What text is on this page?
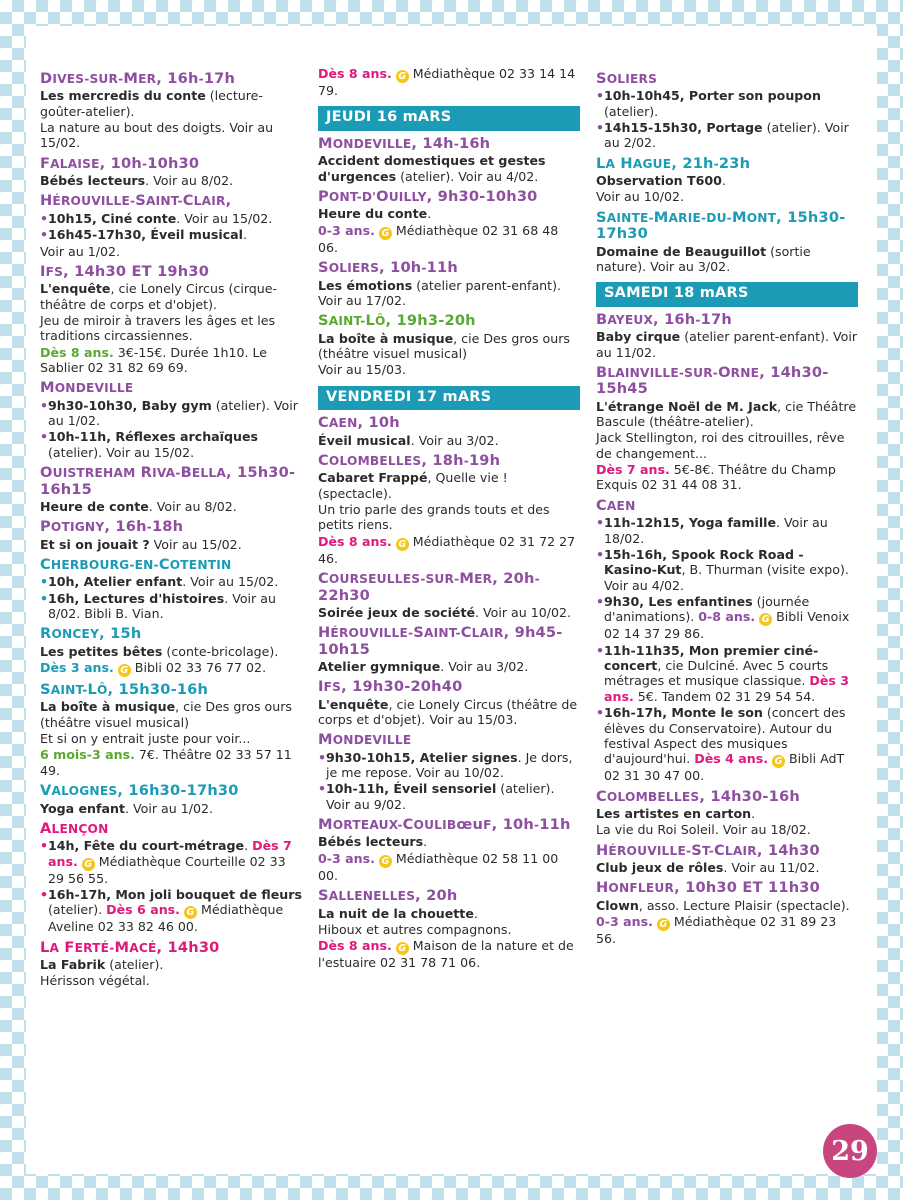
DIVES-SUR-MER, 16h-17h
Les mercredis du conte (lecture-goûter-atelier).
La nature au bout des doigts. Voir au 15/02.
FALAISE, 10h-10h30
Bébés lecteurs. Voir au 8/02.
HÉROUVILLE-SAINT-CLAIR,
• 10h15, Ciné conte. Voir au 15/02.
• 16h45-17h30, Éveil musical.
Voir au 1/02.
IFS, 14h30 ET 19h30
L'enquête, cie Lonely Circus (cirque-théâtre de corps et d'objet).
Jeu de miroir à travers les âges et les traditions circassiennes.
Dès 8 ans. 3€-15€. Durée 1h10. Le Sablier 02 31 82 69 69.
MONDEVILLE
• 9h30-10h30, Baby gym (atelier). Voir au 1/02.
• 10h-11h, Réflexes archaïques (atelier). Voir au 15/02.
OUISTREHAM RIVA-BELLA, 15h30-16h15
Heure de conte. Voir au 8/02.
POTIGNY, 16h-18h
Et si on jouait ? Voir au 15/02.
CHERBOURG-EN-COTENTIN
• 10h, Atelier enfant. Voir au 15/02.
• 16h, Lectures d'histoires. Voir au 8/02. Bibli B. Vian.
RONCEY, 15h
Les petites bêtes (conte-bricolage).
Dès 3 ans. G Bibli 02 33 76 77 02.
SAINT-LÔ, 15h30-16h
La boîte à musique, cie Des gros ours (théâtre visuel musical)
Et si on y entrait juste pour voir...
6 mois-3 ans. 7€. Théâtre 02 33 57 11 49.
VALOGNES, 16h30-17h30
Yoga enfant. Voir au 1/02.
ALENÇON
• 14h, Fête du court-métrage. Dès 7 ans. G Médiathèque Courteille 02 33 29 56 55.
• 16h-17h, Mon joli bouquet de fleurs (atelier). Dès 6 ans. G Médiathèque Aveline 02 33 82 46 00.
LA FERTÉ-MACÉ, 14h30
La Fabrik (atelier).
Hérisson végétal.
Dès 8 ans. G Médiathèque 02 33 14 14 79.
JEUDI 16 mARS
MONDEVILLE, 14h-16h
Accident domestiques et gestes d'urgences (atelier). Voir au 4/02.
PONT-D'OUILLY, 9h30-10h30
Heure du conte.
0-3 ans. G Médiathèque 02 31 68 48 06.
SOLIERS, 10h-11h
Les émotions (atelier parent-enfant). Voir au 17/02.
SAINT-LÔ, 19h3-20h
La boîte à musique, cie Des gros ours (théâtre visuel musical)
Voir au 15/03.
VENDREDI 17 mARS
CAEN, 10h
Éveil musical. Voir au 3/02.
COLOMBELLES, 18h-19h
Cabaret Frappé, Quelle vie ! (spectacle).
Un trio parle des grands touts et des petits riens.
Dès 8 ans. G Médiathèque 02 31 72 27 46.
COURSEULLES-SUR-MER, 20h-22h30
Soirée jeux de société. Voir au 10/02.
HÉROUVILLE-SAINT-CLAIR, 9h45-10h15
Atelier gymnique. Voir au 3/02.
IFS, 19h30-20h40
L'enquête, cie Lonely Circus (théâtre de corps et d'objet). Voir au 15/03.
MONDEVILLE
• 9h30-10h15, Atelier signes. Je dors, je me repose. Voir au 10/02.
• 10h-11h, Éveil sensoriel (atelier). Voir au 9/02.
MORTEAUX-COULIBœuF, 10h-11h
Bébés lecteurs.
0-3 ans. G Médiathèque 02 58 11 00 00.
SALLENELLES, 20h
La nuit de la chouette.
Hiboux et autres compagnons.
Dès 8 ans. G Maison de la nature et de l'estuaire 02 31 78 71 06.
SOLIERS
• 10h-10h45, Porter son poupon (atelier).
• 14h15-15h30, Portage (atelier). Voir au 2/02.
LA HAGUE, 21h-23h
Observation T600.
Voir au 10/02.
SAINTE-MARIE-DU-MONT, 15h30-17h30
Domaine de Beauguillot (sortie nature). Voir au 3/02.
SAMEDI 18 mARS
BAYEUX, 16h-17h
Baby cirque (atelier parent-enfant). Voir au 11/02.
BLAINVILLE-SUR-ORNE, 14h30-15h45
L'étrange Noël de M. Jack, cie Théâtre Bascule (théâtre-atelier).
Jack Stellington, roi des citrouilles, rêve de changement...
Dès 7 ans. 5€-8€. Théâtre du Champ Exquis 02 31 44 08 31.
CAEN
• 11h-12h15, Yoga famille. Voir au 18/02.
• 15h-16h, Spook Rock Road - Kasino-Kut, B. Thurman (visite expo). Voir au 4/02.
• 9h30, Les enfantines (journée d'animations). 0-8 ans. G Bibli Venoix 02 14 37 29 86.
• 11h-11h35, Mon premier ciné-concert, cie Dulciné. Avec 5 courts métrages et musique classique. Dès 3 ans. 5€. Tandem 02 31 29 54 54.
• 16h-17h, Monte le son (concert des élèves du Conservatoire). Autour du festival Aspect des musiques d'aujourd'hui. Dès 4 ans. G Bibli AdT 02 31 30 47 00.
COLOMBELLES, 14h30-16h
Les artistes en carton.
La vie du Roi Soleil. Voir au 18/02.
HÉROUVILLE-ST-CLAIR, 14h30
Club jeux de rôles. Voir au 11/02.
HONFLEUR, 10h30 ET 11h30
Clown, asso. Lecture Plaisir (spectacle).
0-3 ans. G Médiathèque 02 31 89 23 56.
29
